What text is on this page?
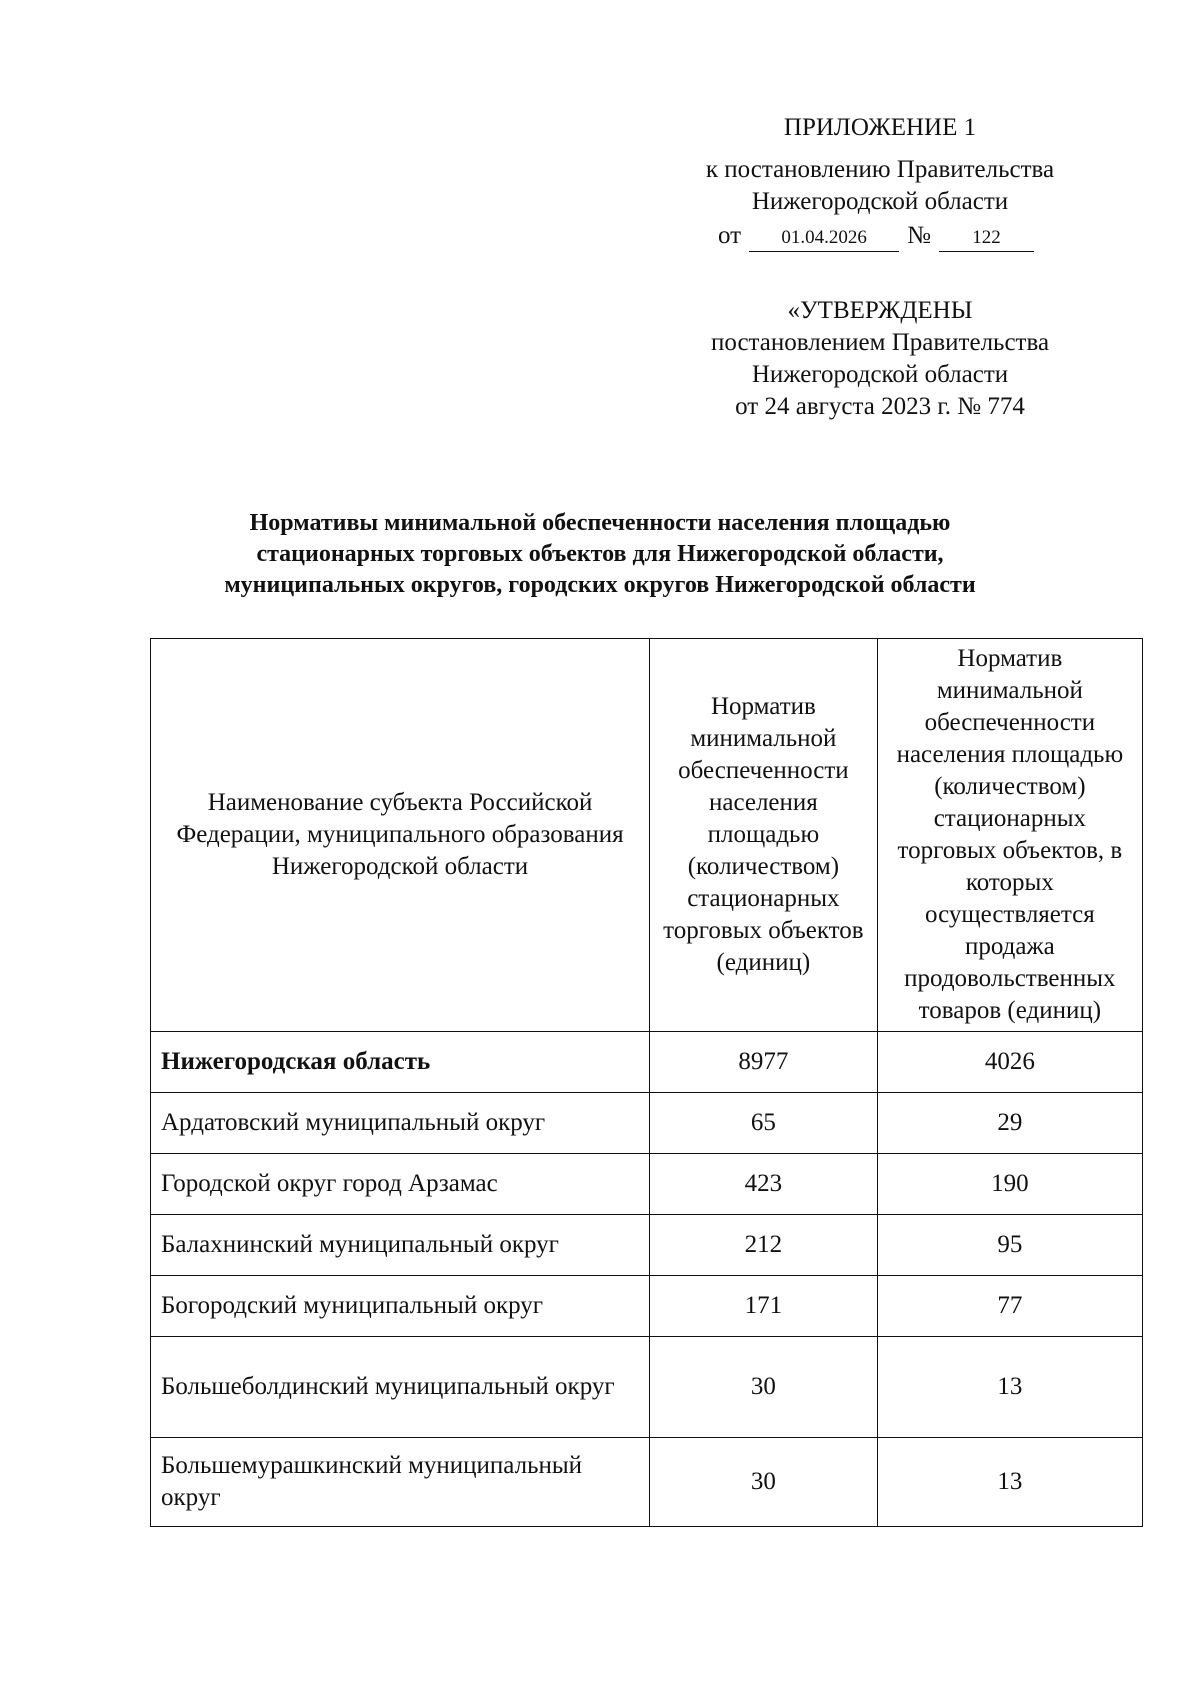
ПРИЛОЖЕНИЕ 1

к постановлению Правительства

Нижегородской области

от	01.04.2026	№	122

«УТВЕРЖДЕНЫ

постановлением Правительства

Нижегородской области

от 24 августа 2023 г. № 774

Нормативы минимальной обеспеченности населения площадью
стационарных торговых объектов для Нижегородской области,
муниципальных округов, городских округов Нижегородской области
Наименование субъекта Российской Федерации, муниципального образования Нижегородской области	Норматив минимальной обеспеченности населения площадью (количеством) стационарных торговых объектов (единиц)	Норматив минимальной обеспеченности населения площадью (количеством) стационарных торговых объектов, в которых осуществляется продажа продовольственных товаров (единиц)
Нижегородская область	8977	4026
Ардатовский муниципальный округ	65	29
Городской округ город Арзамас	423	190
Балахнинский муниципальный округ	212	95
Богородский муниципальный округ	171	77
Большеболдинский муниципальный округ	30	13
Большемурашкинский муниципальный округ	30	13
